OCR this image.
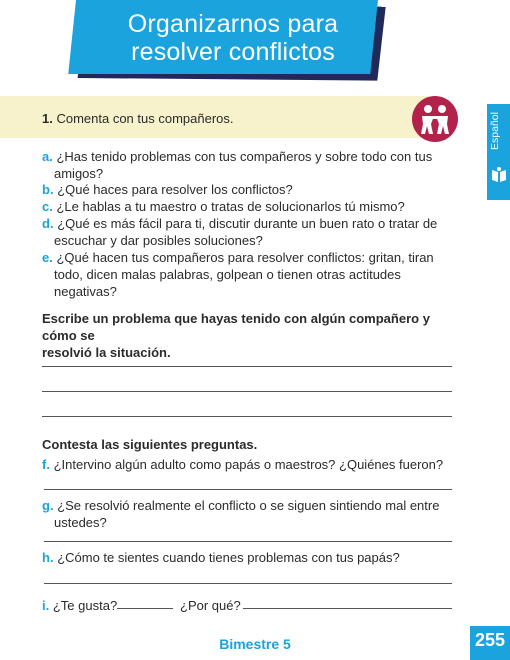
Organizarnos para
resolver conflictos
Español
1. Comenta con tus compañeros.
a. ¿Has tenido problemas con tus compañeros y sobre todo con tus
amigos?
b. ¿Qué haces para resolver los conflictos?
c. ¿Le hablas a tu maestro o tratas de solucionarlos tú mismo?
d. ¿Qué es más fácil para ti, discutir durante un buen rato o tratar de
escuchar y dar posibles soluciones?
e. ¿Qué hacen tus compañeros para resolver conflictos: gritan, tiran
todo, dicen malas palabras, golpean o tienen otras actitudes
negativas?
Escribe un problema que hayas tenido con algún compañero y cómo se
resolvió la situación.
Contesta las siguientes preguntas.
f. ¿Intervino algún adulto como papás o maestros? ¿Quiénes fueron?
g. ¿Se resolvió realmente el conflicto o se siguen sintiendo mal entre
ustedes?
h. ¿Cómo te sientes cuando tienes problemas con tus papás?
i. ¿Te gusta?	¿Por qué?
Bimestre 5	255
